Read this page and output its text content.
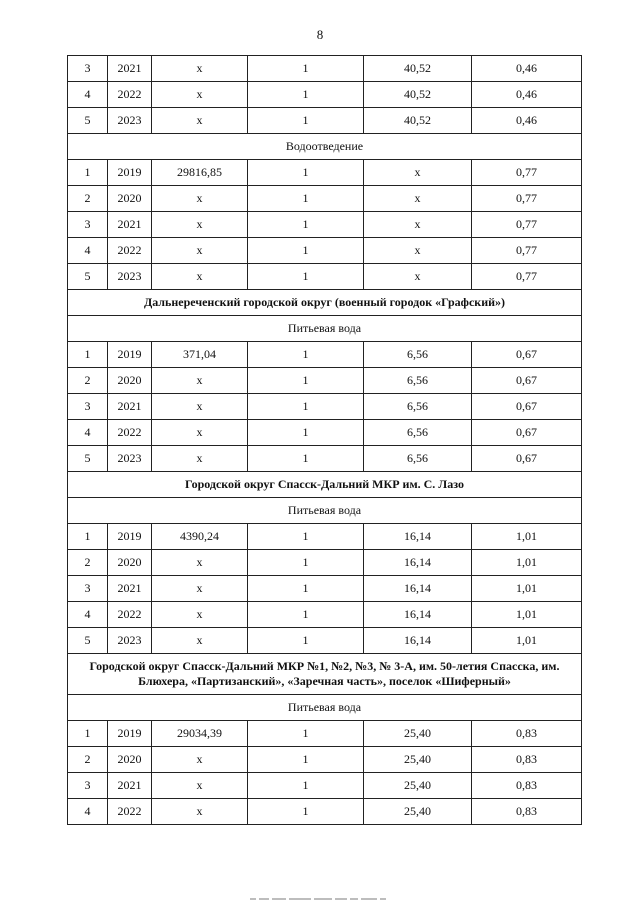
8
3	2021	x	1	40,52	0,46
4	2022	x	1	40,52	0,46
5	2023	x	1	40,52	0,46
Водоотведение					
1	2019	29816,85	1	x	0,77
2	2020	x	1	x	0,77
3	2021	x	1	x	0,77
4	2022	x	1	x	0,77
5	2023	x	1	x	0,77
Дальнереченский городской округ (военный городок «Графский»)					
Питьевая вода					
1	2019	371,04	1	6,56	0,67
2	2020	x	1	6,56	0,67
3	2021	x	1	6,56	0,67
4	2022	x	1	6,56	0,67
5	2023	x	1	6,56	0,67
Городской округ Спасск-Дальний МКР им. С. Лазо					
Питьевая вода					
1	2019	4390,24	1	16,14	1,01
2	2020	x	1	16,14	1,01
3	2021	x	1	16,14	1,01
4	2022	x	1	16,14	1,01
5	2023	x	1	16,14	1,01
Городской округ Спасск-Дальний МКР №1, №2, №3, № 3-А, им. 50-летия Спасска, им. Блюхера, «Партизанский», «Заречная часть», поселок «Шиферный»					
Питьевая вода					
1	2019	29034,39	1	25,40	0,83
2	2020	x	1	25,40	0,83
3	2021	x	1	25,40	0,83
4	2022	x	1	25,40	0,83
